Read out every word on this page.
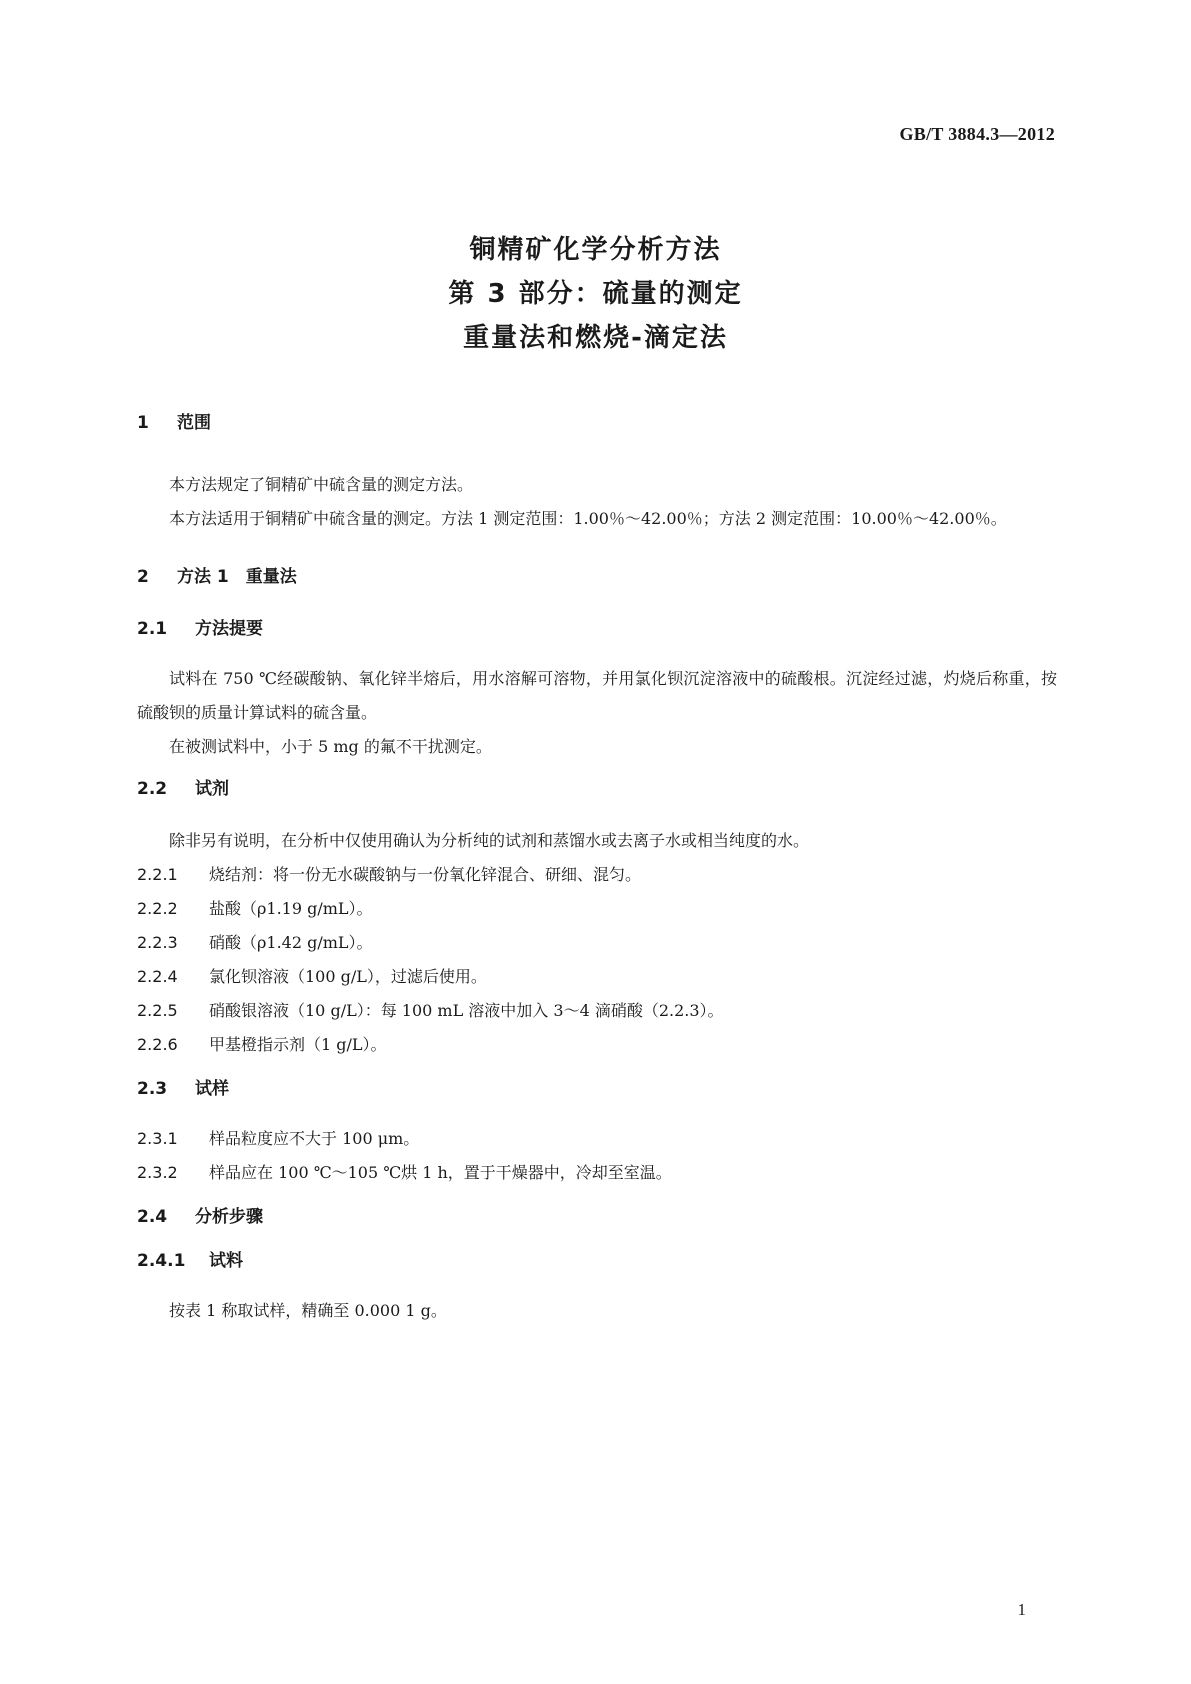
GB/T 3884.3—2012
铜精矿化学分析方法
第 3 部分：硫量的测定
重量法和燃烧-滴定法
1	范围
本方法规定了铜精矿中硫含量的测定方法。
本方法适用于铜精矿中硫含量的测定。方法 1 测定范围：1.00％～42.00％；方法 2 测定范围：10.00％～42.00％。
2	方法 1　重量法
2.1	方法提要
试料在 750 ℃经碳酸钠、氧化锌半熔后，用水溶解可溶物，并用氯化钡沉淀溶液中的硫酸根。沉淀经过滤，灼烧后称重，按硫酸钡的质量计算试料的硫含量。
在被测试料中，小于 5 mg 的氟不干扰测定。
2.2	试剂
除非另有说明，在分析中仅使用确认为分析纯的试剂和蒸馏水或去离子水或相当纯度的水。
2.2.1	烧结剂：将一份无水碳酸钠与一份氧化锌混合、研细、混匀。
2.2.2	盐酸（ρ1.19 g/mL）。
2.2.3	硝酸（ρ1.42 g/mL）。
2.2.4	氯化钡溶液（100 g/L），过滤后使用。
2.2.5	硝酸银溶液（10 g/L）：每 100 mL 溶液中加入 3～4 滴硝酸（2.2.3）。
2.2.6	甲基橙指示剂（1 g/L）。
2.3	试样
2.3.1	样品粒度应不大于 100 μm。
2.3.2	样品应在 100 ℃～105 ℃烘 1 h，置于干燥器中，冷却至室温。
2.4	分析步骤
2.4.1	试料
按表 1 称取试样，精确至 0.000 1 g。
1
